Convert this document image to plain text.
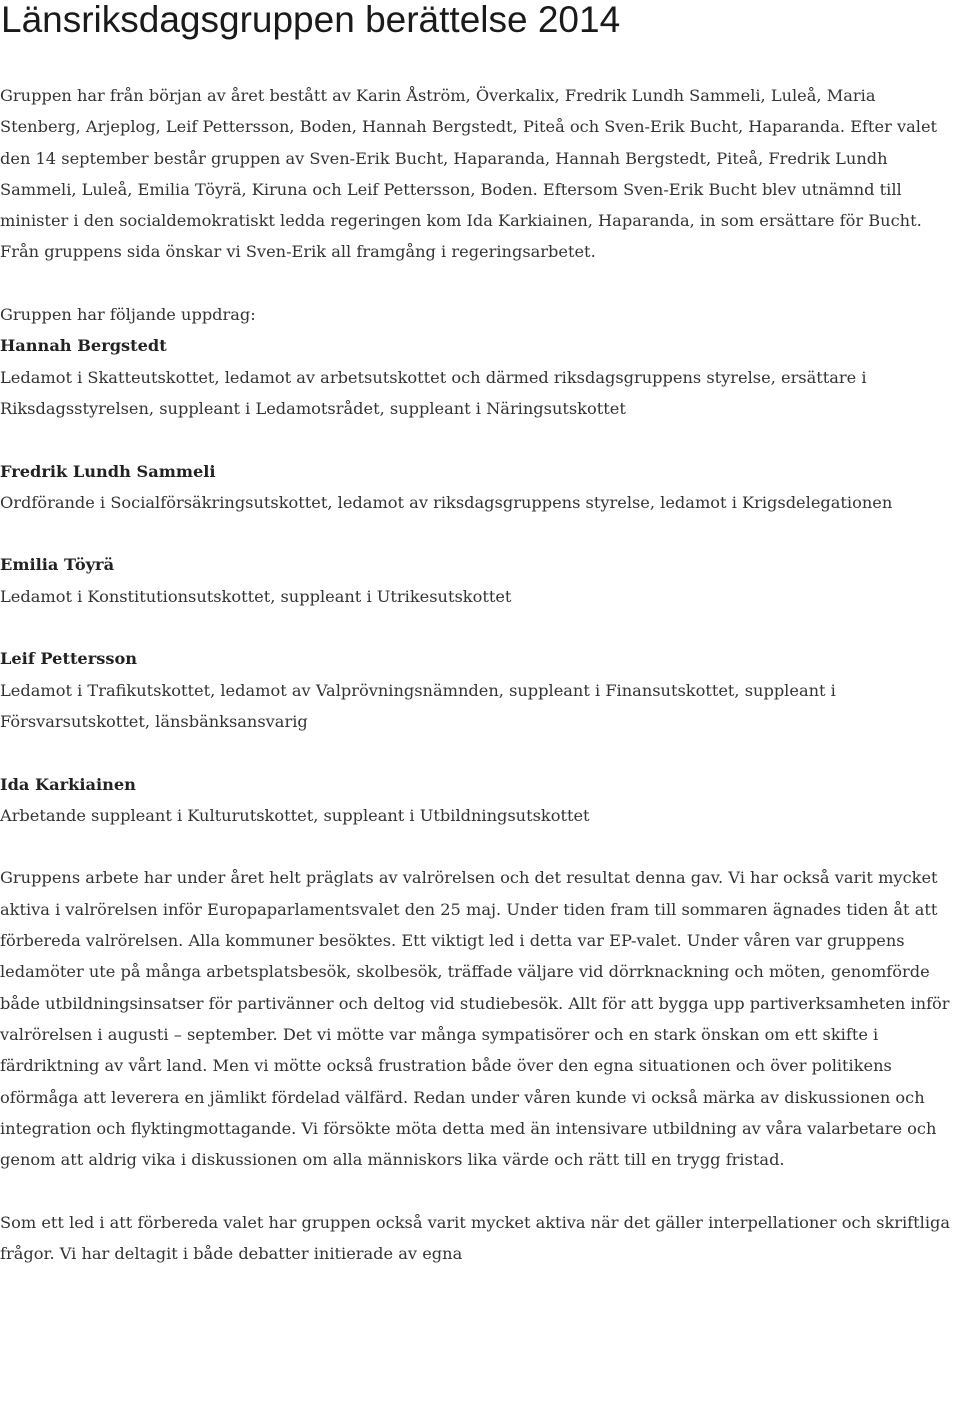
Länsriksdagsgruppen berättelse 2014

Gruppen har från början av året bestått av Karin Åström, Överkalix, Fredrik Lundh Sammeli, Luleå, Maria Stenberg, Arjeplog, Leif Pettersson, Boden, Hannah Bergstedt, Piteå och Sven-Erik Bucht, Haparanda. Efter valet den 14 september består gruppen av Sven-Erik Bucht, Haparanda, Hannah Bergstedt, Piteå, Fredrik Lundh Sammeli, Luleå, Emilia Töyrä, Kiruna och Leif Pettersson, Boden. Eftersom Sven-Erik Bucht blev utnämnd till minister i den socialdemokratiskt ledda regeringen kom Ida Karkiainen, Haparanda, in som ersättare för Bucht. Från gruppens sida önskar vi Sven-Erik all framgång i regeringsarbetet.

Gruppen har följande uppdrag:

Hannah Bergstedt

Ledamot i Skatteutskottet, ledamot av arbetsutskottet och därmed riksdagsgruppens styrelse, ersättare i Riksdagsstyrelsen, suppleant i Ledamotsrådet, suppleant i Näringsutskottet

Fredrik Lundh Sammeli

Ordförande i Socialförsäkringsutskottet, ledamot av riksdagsgruppens styrelse, ledamot i Krigsdelegationen

Emilia Töyrä

Ledamot i Konstitutionsutskottet, suppleant i Utrikesutskottet

Leif Pettersson

Ledamot i Trafikutskottet, ledamot av Valprövningsnämnden, suppleant i Finansutskottet, suppleant i Försvarsutskottet, länsbänksansvarig

Ida Karkiainen

Arbetande suppleant i Kulturutskottet, suppleant i Utbildningsutskottet

Gruppens arbete har under året helt präglats av valrörelsen och det resultat denna gav. Vi har också varit mycket aktiva i valrörelsen inför Europaparlamentsvalet den 25 maj. Under tiden fram till sommaren ägnades tiden åt att förbereda valrörelsen. Alla kommuner besöktes. Ett viktigt led i detta var EP-valet. Under våren var gruppens ledamöter ute på många arbetsplatsbesök, skolbesök, träffade väljare vid dörrknackning och möten, genomförde både utbildningsinsatser för partivänner och deltog vid studiebesök. Allt för att bygga upp partiverksamheten inför valrörelsen i augusti – september. Det vi mötte var många sympatisörer och en stark önskan om ett skifte i färdriktning av vårt land. Men vi mötte också frustration både över den egna situationen och över politikens oförmåga att leverera en jämlikt fördelad välfärd. Redan under våren kunde vi också märka av diskussionen och integration och flyktingmottagande. Vi försökte möta detta med än intensivare utbildning av våra valarbetare och genom att aldrig vika i diskussionen om alla människors lika värde och rätt till en trygg fristad.

Som ett led i att förbereda valet har gruppen också varit mycket aktiva när det gäller interpellationer och skriftliga frågor. Vi har deltagit i både debatter initierade av egna
